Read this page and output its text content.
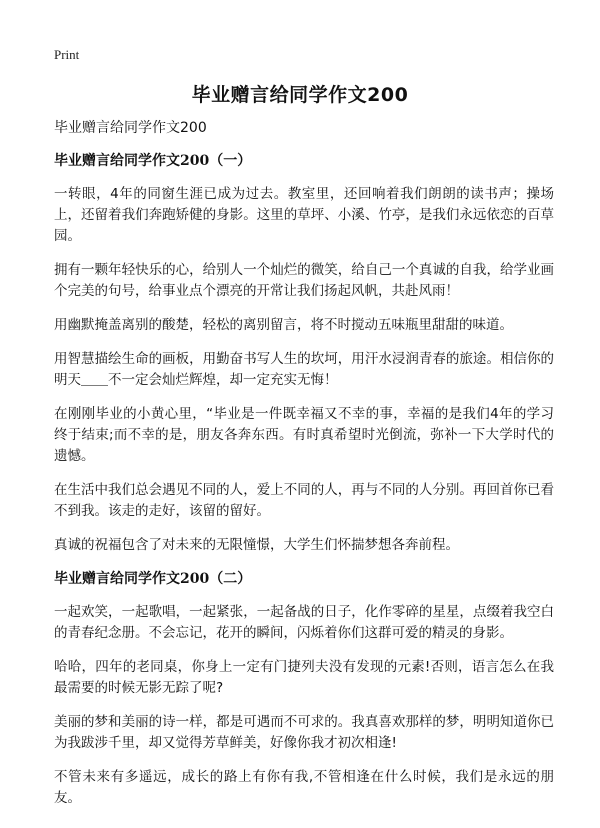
Print
毕业赠言给同学作文200

毕业赠言给同学作文200

毕业赠言给同学作文200（一）

一转眼，4年的同窗生涯已成为过去。教室里，还回响着我们朗朗的读书声；操场上，还留着我们奔跑矫健的身影。这里的草坪、小溪、竹亭，是我们永远依恋的百草园。

拥有一颗年轻快乐的心，给别人一个灿烂的微笑，给自己一个真诚的自我，给学业画个完美的句号，给事业点个漂亮的开常让我们扬起风帆，共赴风雨！

用幽默掩盖离别的酸楚，轻松的离别留言，将不时搅动五味瓶里甜甜的味道。

用智慧描绘生命的画板，用勤奋书写人生的坎坷，用汗水浸润青春的旅途。相信你的明天＿＿不一定会灿烂辉煌，却一定充实无悔！

在刚刚毕业的小黄心里，“毕业是一件既幸福又不幸的事，幸福的是我们4年的学习终于结束;而不幸的是，朋友各奔东西。有时真希望时光倒流，弥补一下大学时代的遗憾。

在生活中我们总会遇见不同的人，爱上不同的人，再与不同的人分别。再回首你已看不到我。该走的走好，该留的留好。

真诚的祝福包含了对未来的无限憧憬，大学生们怀揣梦想各奔前程。

毕业赠言给同学作文200（二）

一起欢笑，一起歌唱，一起紧张，一起备战的日子，化作零碎的星星，点缀着我空白的青春纪念册。不会忘记，花开的瞬间，闪烁着你们这群可爱的精灵的身影。

哈哈，四年的老同桌，你身上一定有门捷列夫没有发现的元素!否则，语言怎么在我最需要的时候无影无踪了呢?

美丽的梦和美丽的诗一样，都是可遇而不可求的。我真喜欢那样的梦，明明知道你已为我跋涉千里，却又觉得芳草鲜美，好像你我才初次相逢!

不管未来有多遥远，成长的路上有你有我,不管相逢在什么时候，我们是永远的朋友。
